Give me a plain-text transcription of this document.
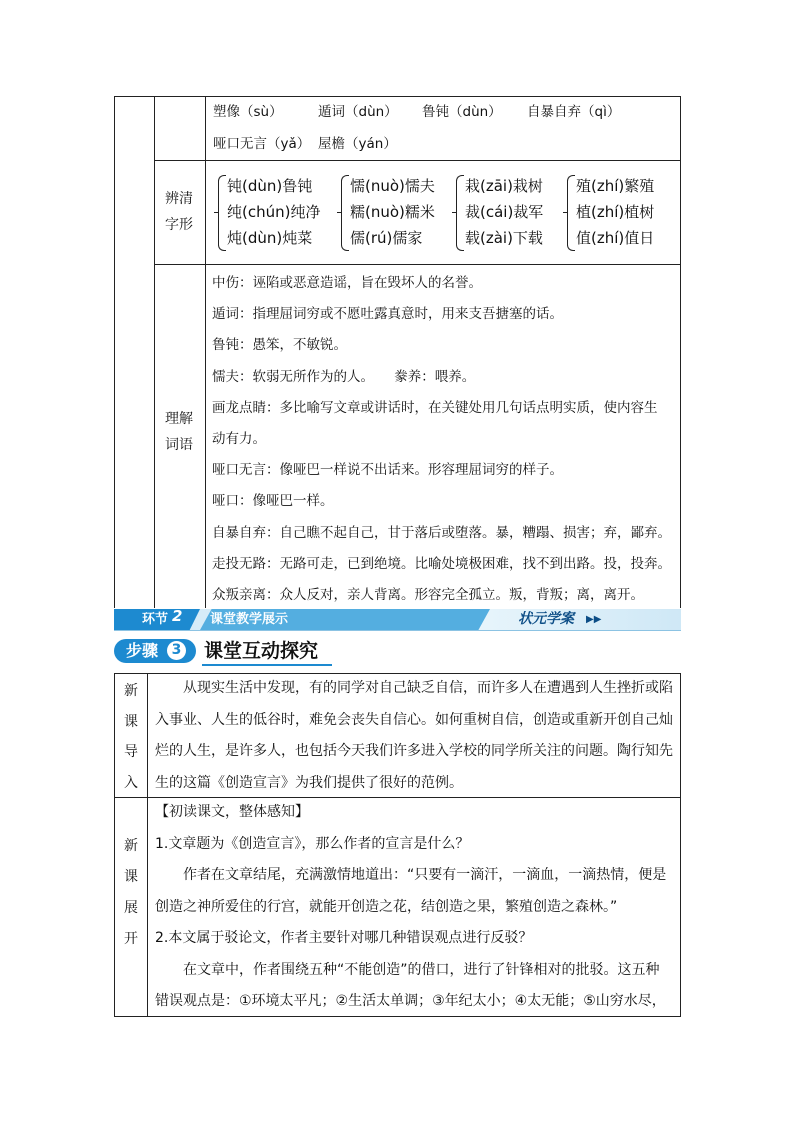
塑像（sù）	遁词（dùn） 鲁钝（dùn） 自暴自弃（qì）
哑口无言（yǎ） 屋檐（yán）
辨清字形
钝(dùn)鲁钝
纯(chún)纯净
炖(dùn)炖菜
懦(nuò)懦夫
糯(nuò)糯米
儒(rú)儒家
栽(zāi)栽树
裁(cái)裁军
载(zài)下载
殖(zhí)繁殖
植(zhí)植树
值(zhí)值日
理解词语
中伤：诬陷或恶意造谣，旨在毁坏人的名誉。
遁词：指理屈词穷或不愿吐露真意时，用来支吾搪塞的话。
鲁钝：愚笨，不敏锐。
懦夫：软弱无所作为的人。　　豢养：喂养。
画龙点睛：多比喻写文章或讲话时，在关键处用几句话点明实质，使内容生
动有力。
哑口无言：像哑巴一样说不出话来。形容理屈词穷的样子。
哑口：像哑巴一样。
自暴自弃：自己瞧不起自己，甘于落后或堕落。暴，糟蹋、损害；弃，鄙弃。
走投无路：无路可走，已到绝境。比喻处境极困难，找不到出路。投，投奔。
众叛亲离：众人反对，亲人背离。形容完全孤立。叛，背叛；离，离开。
环节 2 课堂教学展示	状元学案 ▶▶
步骤 3 课堂互动探究
新课导入
　　从现实生活中发现，有的同学对自己缺乏自信，而许多人在遭遇到人生挫折或陷
入事业、人生的低谷时，难免会丧失自信心。如何重树自信，创造或重新开创自己灿
烂的人生，是许多人，也包括今天我们许多进入学校的同学所关注的问题。陶行知先
生的这篇《创造宣言》为我们提供了很好的范例。
新课展开
【初读课文，整体感知】
1.文章题为《创造宣言》，那么作者的宣言是什么？
　　作者在文章结尾，充满激情地道出：“只要有一滴汗，一滴血，一滴热情，便是
创造之神所爱住的行宫，就能开创造之花，结创造之果，繁殖创造之森林。”
2.本文属于驳论文，作者主要针对哪几种错误观点进行反驳？
　　在文章中，作者围绕五种“不能创造”的借口，进行了针锋相对的批驳。这五种
错误观点是：①环境太平凡；②生活太单调；③年纪太小；④太无能；⑤山穷水尽，
